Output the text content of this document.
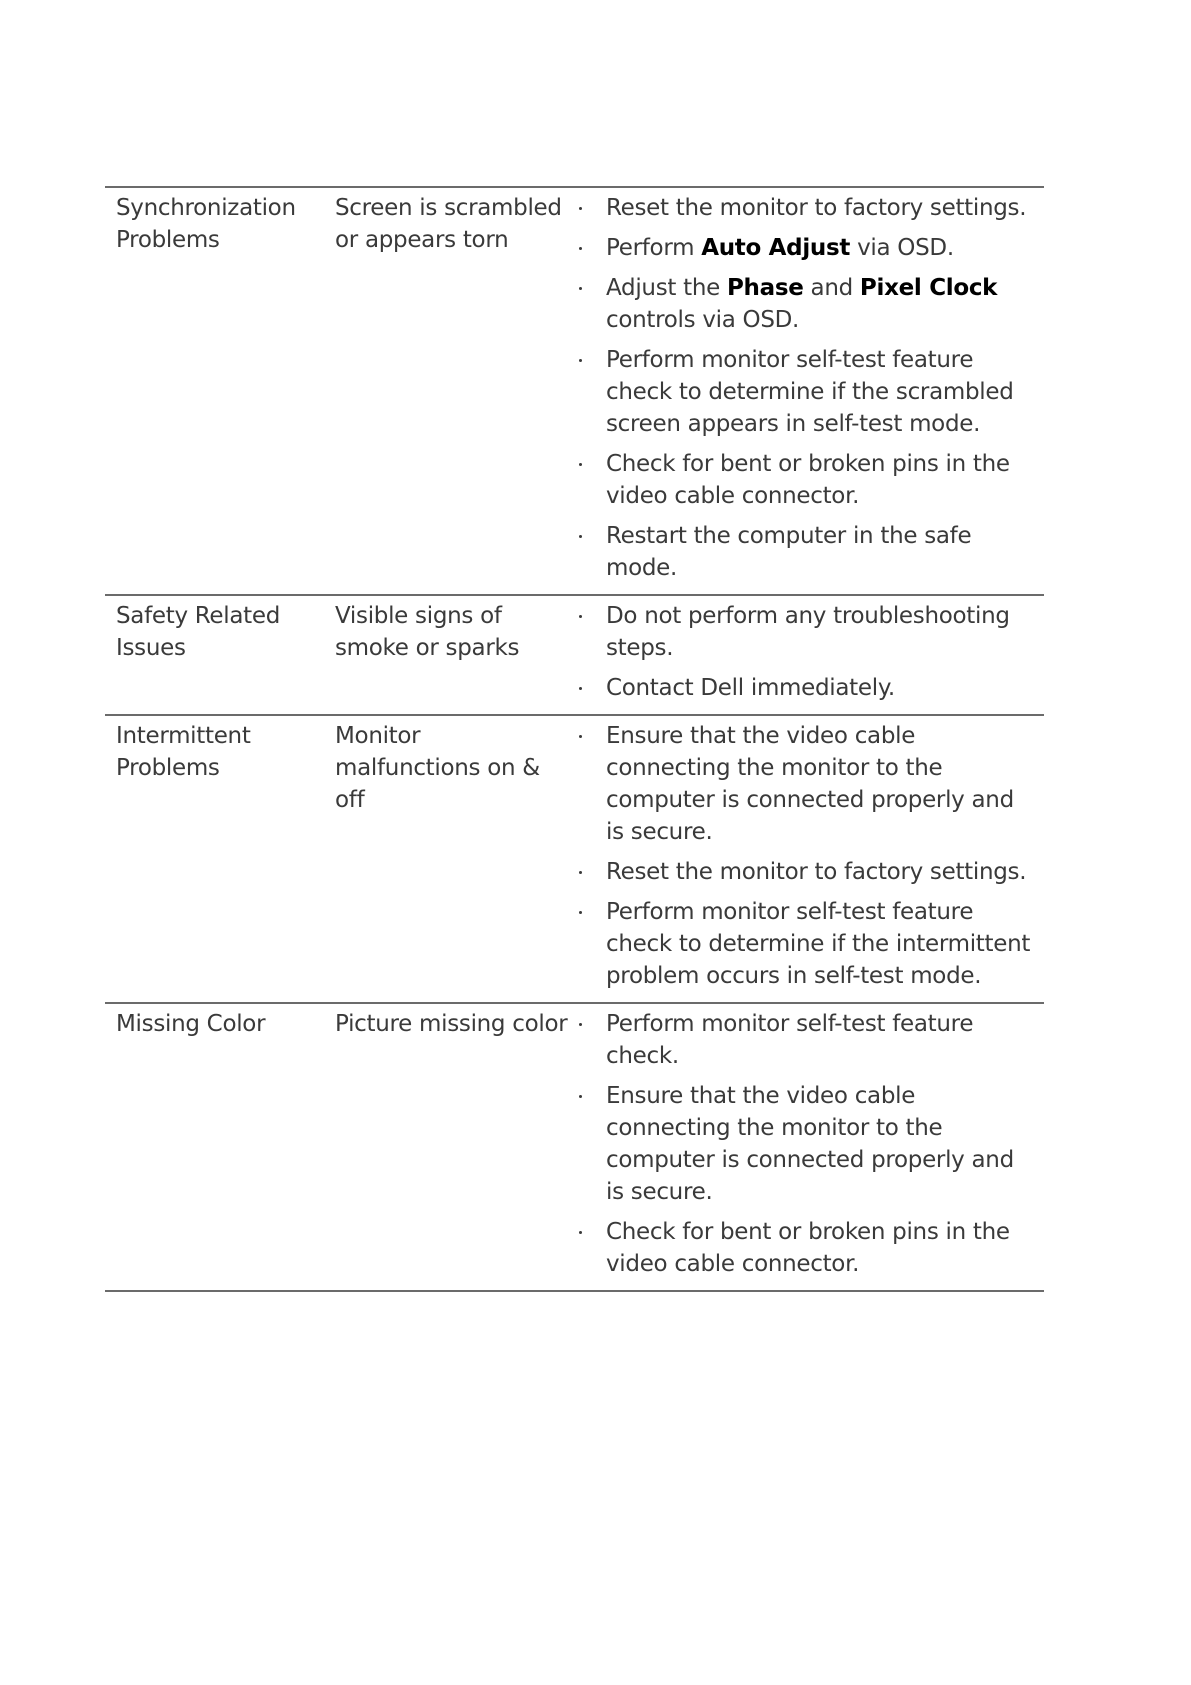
Synchronization Problems
Screen is scrambled or appears torn
Reset the monitor to factory settings.
Perform Auto Adjust via OSD.
Adjust the Phase and Pixel Clock controls via OSD.
Perform monitor self-test feature check to determine if the scrambled screen appears in self-test mode.
Check for bent or broken pins in the video cable connector.
Restart the computer in the safe mode.
Safety Related Issues
Visible signs of smoke or sparks
Do not perform any troubleshooting steps.
Contact Dell immediately.
Intermittent Problems
Monitor malfunctions on & off
Ensure that the video cable connecting the monitor to the computer is connected properly and is secure.
Reset the monitor to factory settings.
Perform monitor self-test feature check to determine if the intermittent problem occurs in self-test mode.
Missing Color	Picture missing color	Perform monitor self-test feature check.
Ensure that the video cable connecting the monitor to the computer is connected properly and is secure.
Check for bent or broken pins in the video cable connector.
